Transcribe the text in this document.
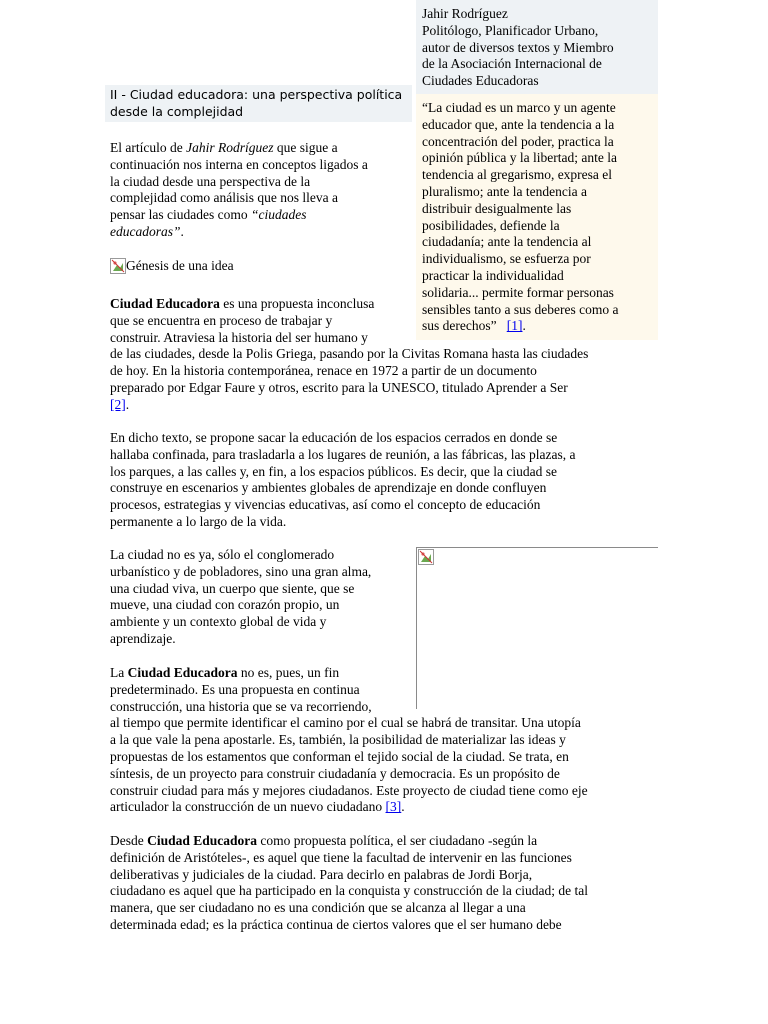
Jahir Rodríguez
Politólogo, Planificador Urbano,
autor de diversos textos y Miembro
de la Asociación Internacional de
Ciudades Educadoras
“La ciudad es un marco y un agente
educador que, ante la tendencia a la
concentración del poder, practica la
opinión pública y la libertad; ante la
tendencia al gregarismo, expresa el
pluralismo; ante la tendencia a
distribuir desigualmente las
posibilidades, defiende la
ciudadanía; ante la tendencia al
individualismo, se esfuerza por
practicar la individualidad
solidaria... permite formar personas
sensibles tanto a sus deberes como a
sus derechos” [1].
II - Ciudad educadora: una perspectiva política
desde la complejidad
El artículo de Jahir Rodríguez que sigue a
continuación nos interna en conceptos ligados a
la ciudad desde una perspectiva de la
complejidad como análisis que nos lleva a
pensar las ciudades como “ciudades
educadoras”.
Génesis de una idea
Ciudad Educadora es una propuesta inconclusa
que se encuentra en proceso de trabajar y
construir. Atraviesa la historia del ser humano y
de las ciudades, desde la Polis Griega, pasando por la Civitas Romana hasta las ciudades
de hoy. En la historia contemporánea, renace en 1972 a partir de un documento
preparado por Edgar Faure y otros, escrito para la UNESCO, titulado Aprender a Ser
[2].
En dicho texto, se propone sacar la educación de los espacios cerrados en donde se
hallaba confinada, para trasladarla a los lugares de reunión, a las fábricas, las plazas, a
los parques, a las calles y, en fin, a los espacios públicos. Es decir, que la ciudad se
construye en escenarios y ambientes globales de aprendizaje en donde confluyen
procesos, estrategias y vivencias educativas, así como el concepto de educación
permanente a lo largo de la vida.
La ciudad no es ya, sólo el conglomerado
urbanístico y de pobladores, sino una gran alma,
una ciudad viva, un cuerpo que siente, que se
mueve, una ciudad con corazón propio, un
ambiente y un contexto global de vida y
aprendizaje.
La Ciudad Educadora no es, pues, un fin
predeterminado. Es una propuesta en continua
construcción, una historia que se va recorriendo,
al tiempo que permite identificar el camino por el cual se habrá de transitar. Una utopía
a la que vale la pena apostarle. Es, también, la posibilidad de materializar las ideas y
propuestas de los estamentos que conforman el tejido social de la ciudad. Se trata, en
síntesis, de un proyecto para construir ciudadanía y democracia. Es un propósito de
construir ciudad para más y mejores ciudadanos. Este proyecto de ciudad tiene como eje
articulador la construcción de un nuevo ciudadano [3].
Desde Ciudad Educadora como propuesta política, el ser ciudadano -según la
definición de Aristóteles-, es aquel que tiene la facultad de intervenir en las funciones
deliberativas y judiciales de la ciudad. Para decirlo en palabras de Jordi Borja,
ciudadano es aquel que ha participado en la conquista y construcción de la ciudad; de tal
manera, que ser ciudadano no es una condición que se alcanza al llegar a una
determinada edad; es la práctica continua de ciertos valores que el ser humano debe
